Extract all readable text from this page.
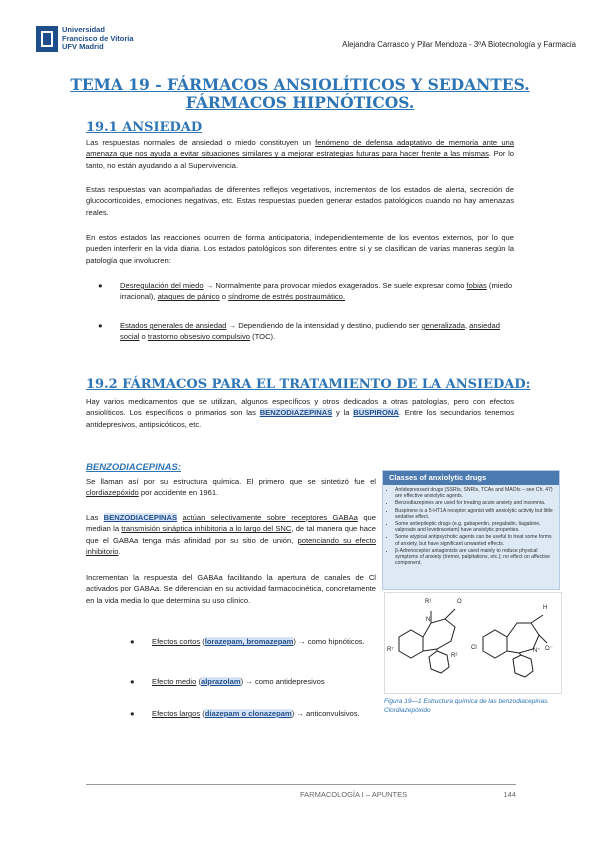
Universidad
Francisco de Vitoria
UFV Madrid	Alejandra Carrasco y Pilar Mendoza - 3ºA Biotecnología y Farmacia
TEMA 19 - FÁRMACOS ANSIOLÍTICOS Y SEDANTES.
FÁRMACOS HIPNÓTICOS.
19.1 ANSIEDAD
Las respuestas normales de ansiedad o miedo constituyen un fenómeno de defensa adaptativo de memoria ante una amenaza que nos ayuda a evitar situaciones similares y a mejorar estrategias futuras para hacer frente a las mismas. Por lo tanto, no están ayudando a al Supervivencia.
Estas respuestas van acompañadas de diferentes reflejos vegetativos, incrementos de los estados de alerta, secreción de glucocorticoides, emociones negativas, etc. Estas respuestas pueden generar estados patológicos cuando no hay amenazas reales.
En estos estados las reacciones ocurren de forma anticipatoria, independientemente de los eventos externos, por lo que pueden interferir en la vida diaria. Los estados patológicos son diferentes entre sí y se clasifican de varias maneras según la patología que involucren:
● Desregulación del miedo → Normalmente para provocar miedos exagerados. Se suele expresar como fobias (miedo irracional), ataques de pánico o síndrome de estrés postraumático.
● Estados generales de ansiedad → Dependiendo de la intensidad y destino, pudiendo ser generalizada, ansiedad social o trastorno obsesivo compulsivo (TOC).
19.2 FÁRMACOS PARA EL TRATAMIENTO DE LA ANSIEDAD:
Hay varios medicamentos que se utilizan, algunos específicos y otros dedicados a otras patologías, pero con efectos ansiolíticos. Los específicos o primarios son las BENZODIAZEPINAS y la BUSPIRONA. Entre los secundarios tenemos antidepresivos, antipsicóticos, etc.
BENZODIACEPINAS:
Se llaman así por su estructura química. El primero que se sintetizó fue el clordiazepóxido por accidente en 1961.
Las BENZODIACEPINAS actúan selectivamente sobre receptores GABAa que median la transmisión sináptica inhibitoria a lo largo del SNC, de tal manera que hace que el GABAa tenga más afinidad por su sitio de unión, potenciando su efecto inhibitorio.
Incrementan la respuesta del GABAa facilitando la apertura de canales de Cl activados por GABAa. Se diferencian en su actividad farmacocinética, concretamente en la vida media lo que determina su uso clínico.
● Efectos cortos (lorazepam, bromazepam) → como hipnóticos.
● Efecto medio (alprazolam) → como antidepresivos
● Efectos largos (diazepam o clonazepam) → anticonvulsivos.
Classes of anxiolytic drugs
• Antidepressant drugs (SSRIs, SNRIs, TCAs and MAOIs – see Ch. 47) are effective anxiolytic agents.
• Benzodiazepines are used for treating acute anxiety and insomnia.
• Buspirone is a 5-HT1A receptor agonist with anxiolytic activity but little sedative effect.
• Some antiepileptic drugs (e.g. gabapentin, pregabalin, tiagabine, valproate and levetiracetam) have anxiolytic properties.
• Some atypical antipsychotic agents can be useful to treat some forms of anxiety, but have significant unwanted effects.
• β-Adrenoceptor antagonists are used mainly to reduce physical symptoms of anxiety (tremor, palpitations, etc.); no effect on affective component.
R¹	O
N
R⁷
R²
H
Cl	N⁺ O⁻
Figura 19—1 Estructura química de las benzodiacepinas. Clordiazepóxido
FARMACOLOGÍA I – APUNTES	144
